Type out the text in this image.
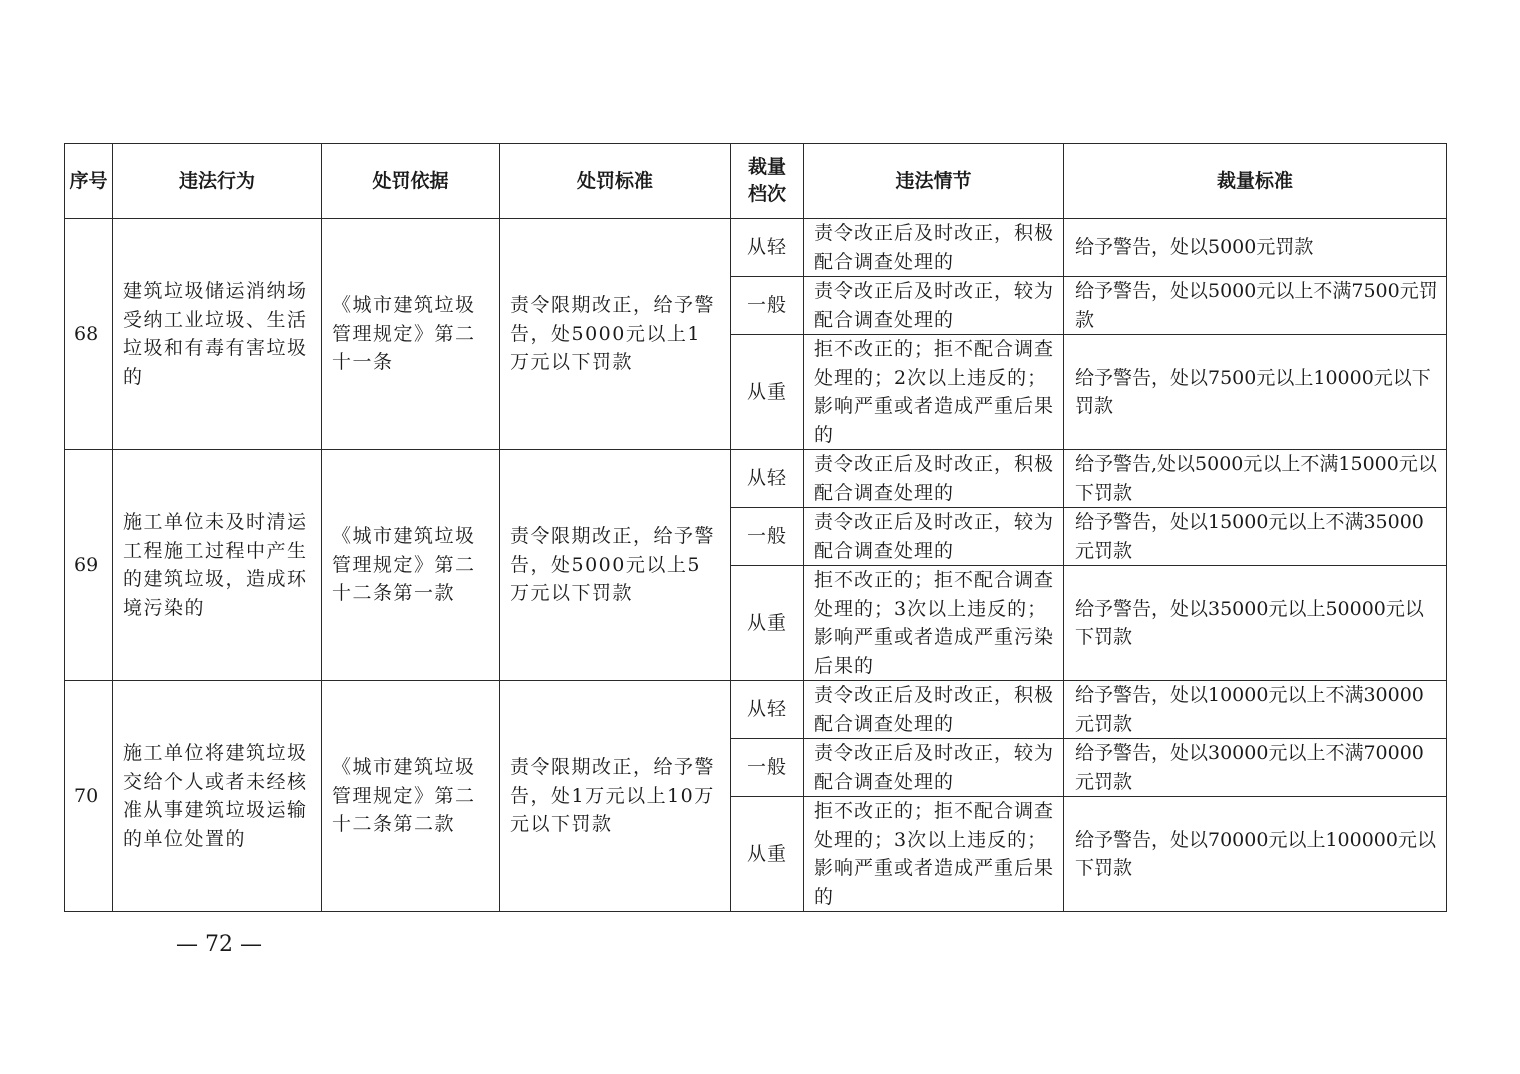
序号	违法行为	处罚依据	处罚标准	裁量档次	违法情节	裁量标准
68	建筑垃圾储运消纳场受纳工业垃圾、生活垃圾和有毒有害垃圾的	《城市建筑垃圾管理规定》第二十一条	责令限期改正，给予警告，处5000元以上1万元以下罚款	从轻	责令改正后及时改正，积极配合调查处理的	给予警告，处以5000元罚款
				一般	责令改正后及时改正，较为配合调查处理的	给予警告，处以5000元以上不满7500元罚款
				从重	拒不改正的；拒不配合调查处理的；2次以上违反的；影响严重或者造成严重后果的	给予警告，处以7500元以上10000元以下罚款
69	施工单位未及时清运工程施工过程中产生的建筑垃圾，造成环境污染的	《城市建筑垃圾管理规定》第二十二条第一款	责令限期改正，给予警告，处5000元以上5万元以下罚款	从轻	责令改正后及时改正，积极配合调查处理的	给予警告,处以5000元以上不满15000元以下罚款
				一般	责令改正后及时改正，较为配合调查处理的	给予警告，处以15000元以上不满35000元罚款
				从重	拒不改正的；拒不配合调查处理的；3次以上违反的；影响严重或者造成严重污染后果的	给予警告，处以35000元以上50000元以下罚款
70	施工单位将建筑垃圾交给个人或者未经核准从事建筑垃圾运输的单位处置的	《城市建筑垃圾管理规定》第二十二条第二款	责令限期改正，给予警告，处1万元以上10万元以下罚款	从轻	责令改正后及时改正，积极配合调查处理的	给予警告，处以10000元以上不满30000元罚款
				一般	责令改正后及时改正，较为配合调查处理的	给予警告，处以30000元以上不满70000元罚款
				从重	拒不改正的；拒不配合调查处理的；3次以上违反的；影响严重或者造成严重后果的	给予警告，处以70000元以上100000元以下罚款
— 72 —
